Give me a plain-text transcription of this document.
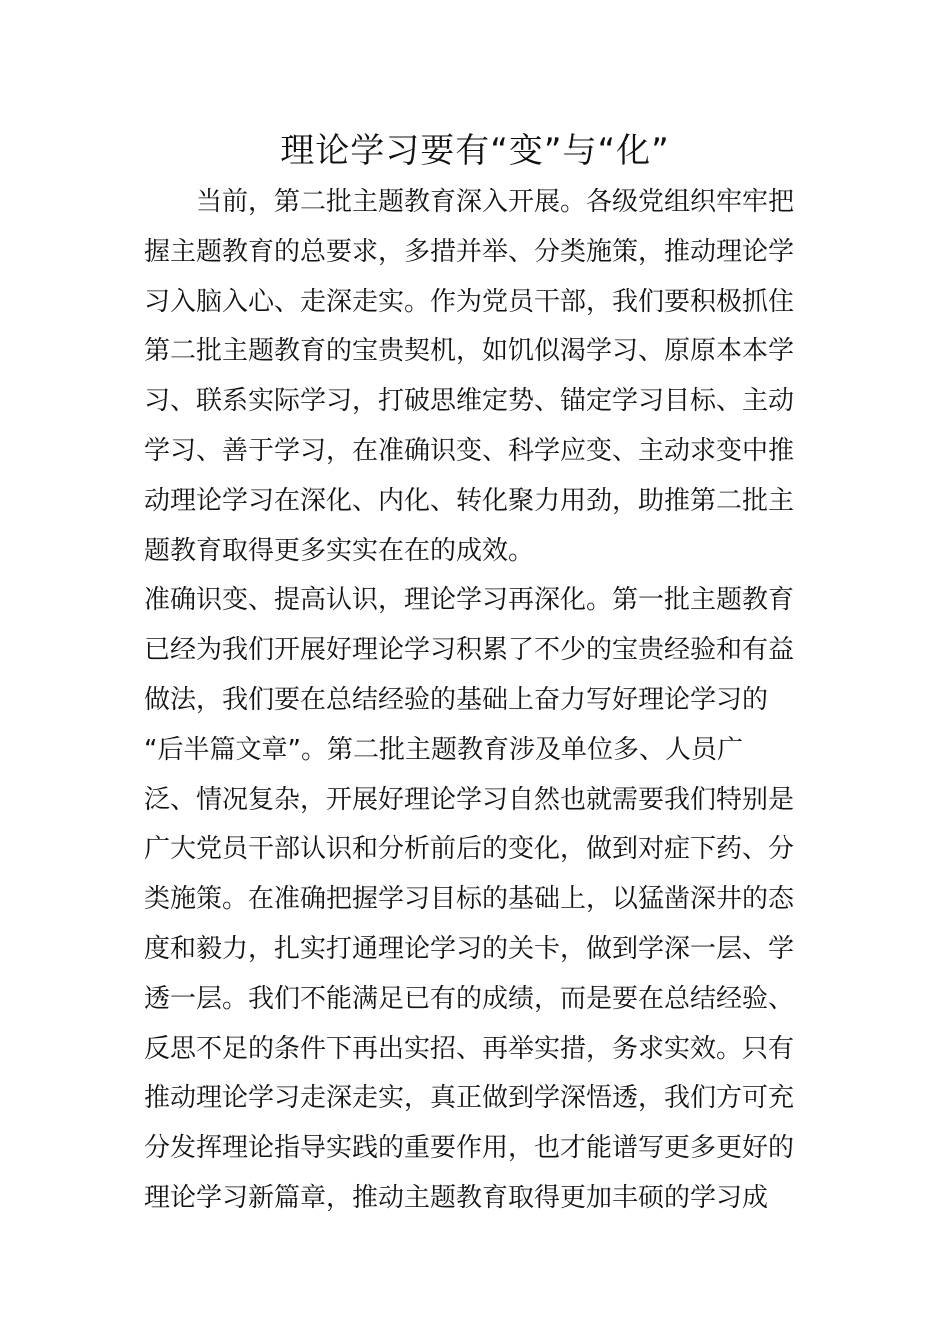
理论学习要有“变”与“化”
　　当前，第二批主题教育深入开展。各级党组织牢牢把
握主题教育的总要求，多措并举、分类施策，推动理论学
习入脑入心、走深走实。作为党员干部，我们要积极抓住
第二批主题教育的宝贵契机，如饥似渴学习、原原本本学
习、联系实际学习，打破思维定势、锚定学习目标、主动
学习、善于学习，在准确识变、科学应变、主动求变中推
动理论学习在深化、内化、转化聚力用劲，助推第二批主
题教育取得更多实实在在的成效。
准确识变、提高认识，理论学习再深化。第一批主题教育
已经为我们开展好理论学习积累了不少的宝贵经验和有益
做法，我们要在总结经验的基础上奋力写好理论学习的
“后半篇文章”。第二批主题教育涉及单位多、人员广
泛、情况复杂，开展好理论学习自然也就需要我们特别是
广大党员干部认识和分析前后的变化，做到对症下药、分
类施策。在准确把握学习目标的基础上，以猛凿深井的态
度和毅力，扎实打通理论学习的关卡，做到学深一层、学
透一层。我们不能满足已有的成绩，而是要在总结经验、
反思不足的条件下再出实招、再举实措，务求实效。只有
推动理论学习走深走实，真正做到学深悟透，我们方可充
分发挥理论指导实践的重要作用，也才能谱写更多更好的
理论学习新篇章，推动主题教育取得更加丰硕的学习成
